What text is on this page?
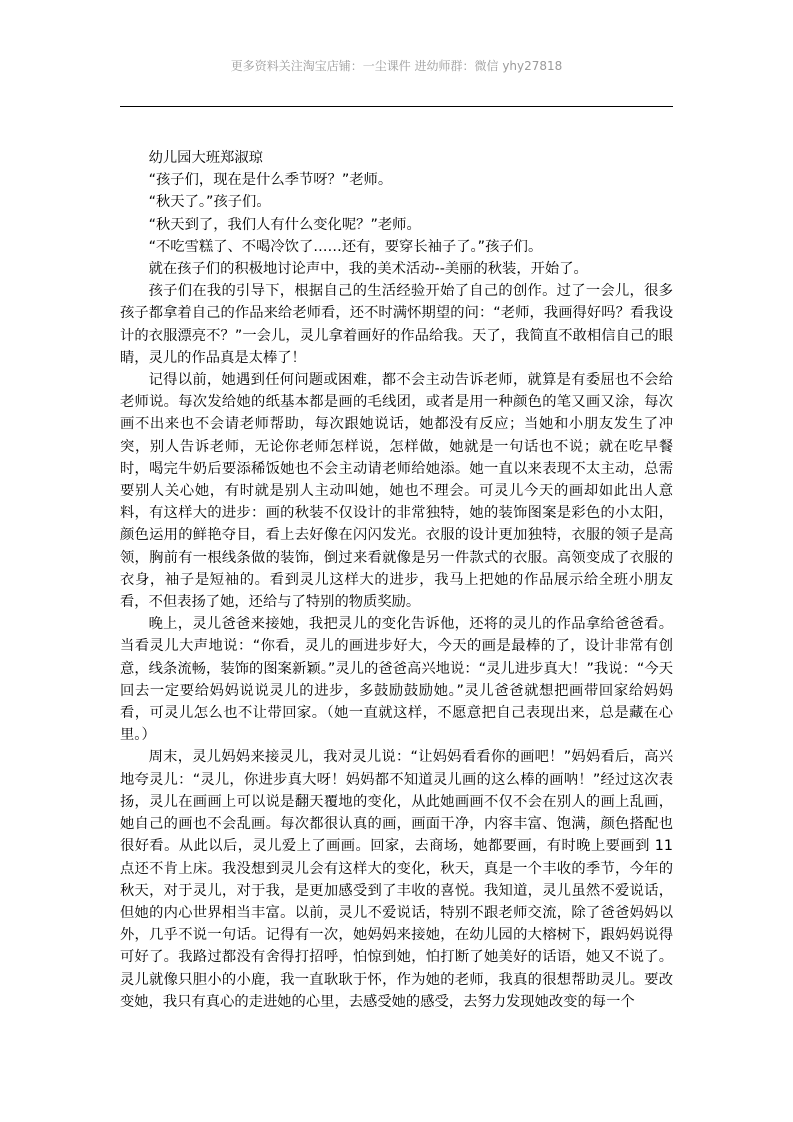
更多资料关注淘宝店铺：一尘课件 进幼师群：微信 yhy27818

幼儿园大班郑淑琼

“孩子们，现在是什么季节呀？”老师。

“秋天了。”孩子们。

“秋天到了，我们人有什么变化呢？”老师。

“不吃雪糕了、不喝冷饮了……还有，要穿长袖子了。”孩子们。

就在孩子们的积极地讨论声中，我的美术活动--美丽的秋装，开始了。

孩子们在我的引导下，根据自己的生活经验开始了自己的创作。过了一会儿，很多孩子都拿着自己的作品来给老师看，还不时满怀期望的问：“老师，我画得好吗？看我设计的衣服漂亮不？”一会儿，灵儿拿着画好的作品给我。天了，我简直不敢相信自己的眼睛，灵儿的作品真是太棒了！

记得以前，她遇到任何问题或困难，都不会主动告诉老师，就算是有委屈也不会给老师说。每次发给她的纸基本都是画的毛线团，或者是用一种颜色的笔又画又涂，每次画不出来也不会请老师帮助，每次跟她说话，她都没有反应；当她和小朋友发生了冲突，别人告诉老师，无论你老师怎样说，怎样做，她就是一句话也不说；就在吃早餐时，喝完牛奶后要添稀饭她也不会主动请老师给她添。她一直以来表现不太主动，总需要别人关心她，有时就是别人主动叫她，她也不理会。可灵儿今天的画却如此出人意料，有这样大的进步：画的秋装不仅设计的非常独特，她的装饰图案是彩色的小太阳，颜色运用的鲜艳夺目，看上去好像在闪闪发光。衣服的设计更加独特，衣服的领子是高领，胸前有一根线条做的装饰，倒过来看就像是另一件款式的衣服。高领变成了衣服的衣身，袖子是短袖的。看到灵儿这样大的进步，我马上把她的作品展示给全班小朋友看，不但表扬了她，还给与了特别的物质奖励。

晚上，灵儿爸爸来接她，我把灵儿的变化告诉他，还将的灵儿的作品拿给爸爸看。当看灵儿大声地说：“你看，灵儿的画进步好大，今天的画是最棒的了，设计非常有创意，线条流畅，装饰的图案新颖。”灵儿的爸爸高兴地说：“灵儿进步真大！”我说：“今天回去一定要给妈妈说说灵儿的进步，多鼓励鼓励她。”灵儿爸爸就想把画带回家给妈妈看，可灵儿怎么也不让带回家。（她一直就这样，不愿意把自己表现出来，总是藏在心里。）

周末，灵儿妈妈来接灵儿，我对灵儿说：“让妈妈看看你的画吧！”妈妈看后，高兴地夸灵儿：“灵儿，你进步真大呀！妈妈都不知道灵儿画的这么棒的画呐！”经过这次表扬，灵儿在画画上可以说是翻天覆地的变化，从此她画画不仅不会在别人的画上乱画，她自己的画也不会乱画。每次都很认真的画，画面干净，内容丰富、饱满，颜色搭配也很好看。从此以后，灵儿爱上了画画。回家，去商场，她都要画，有时晚上要画到 11 点还不肯上床。我没想到灵儿会有这样大的变化，秋天，真是一个丰收的季节，今年的秋天，对于灵儿，对于我，是更加感受到了丰收的喜悦。我知道，灵儿虽然不爱说话，但她的内心世界相当丰富。以前，灵儿不爱说话，特别不跟老师交流，除了爸爸妈妈以外，几乎不说一句话。记得有一次，她妈妈来接她，在幼儿园的大榕树下，跟妈妈说得可好了。我路过都没有舍得打招呼，怕惊到她，怕打断了她美好的话语，她又不说了。灵儿就像只胆小的小鹿，我一直耿耿于怀，作为她的老师，我真的很想帮助灵儿。要改变她，我只有真心的走进她的心里，去感受她的感受，去努力发现她改变的每一个
